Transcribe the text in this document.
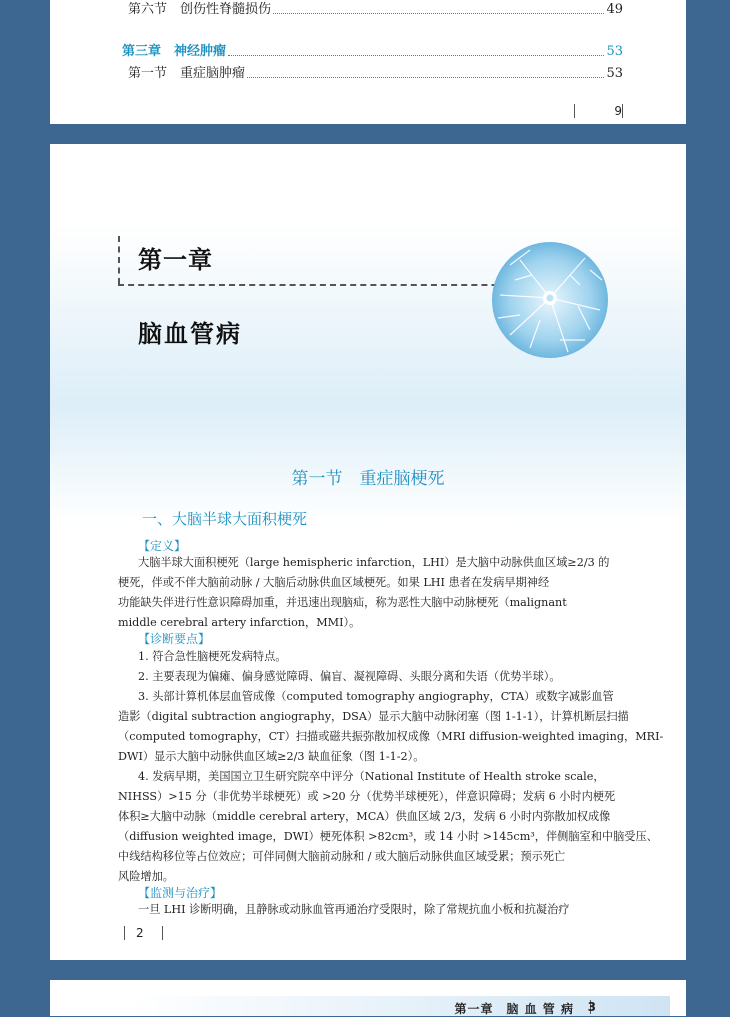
第六节　创伤性脊髓损伤	49
第三章　神经肿瘤	53
第一节　重症脑肿瘤	53
9
第一章
脑血管病
第一节　重症脑梗死
一、大脑半球大面积梗死
【定义】
大脑半球大面积梗死（large hemispheric infarction，LHI）是大脑中动脉供血区域≥2/3 的
梗死，伴或不伴大脑前动脉 / 大脑后动脉供血区域梗死。如果 LHI 患者在发病早期神经
功能缺失伴进行性意识障碍加重，并迅速出现脑疝，称为恶性大脑中动脉梗死（malignant
middle cerebral artery infarction，MMI）。
【诊断要点】
1. 符合急性脑梗死发病特点。
2. 主要表现为偏瘫、偏身感觉障碍、偏盲、凝视障碍、头眼分离和失语（优势半球）。
3. 头部计算机体层血管成像（computed tomography angiography，CTA）或数字减影血管
造影（digital subtraction angiography，DSA）显示大脑中动脉闭塞（图 1-1-1），计算机断层扫描
（computed tomography，CT）扫描或磁共振弥散加权成像（MRI diffusion-weighted imaging，MRI-
DWI）显示大脑中动脉供血区域≥2/3 缺血征象（图 1-1-2）。
4. 发病早期，美国国立卫生研究院卒中评分（National Institute of Health stroke scale，
NIHSS）>15 分（非优势半球梗死）或 >20 分（优势半球梗死），伴意识障碍；发病 6 小时内梗死
体积≥大脑中动脉（middle cerebral artery，MCA）供血区域 2/3，发病 6 小时内弥散加权成像
（diffusion weighted image，DWI）梗死体积 >82cm³，或 14 小时 >145cm³，伴侧脑室和中脑受压、
中线结构移位等占位效应；可伴同侧大脑前动脉和 / 或大脑后动脉供血区域受累；预示死亡
风险增加。
【监测与治疗】
一旦 LHI 诊断明确，且静脉或动脉血管再通治疗受限时，除了常规抗血小板和抗凝治疗
2
第一章　脑 血 管 病 3
